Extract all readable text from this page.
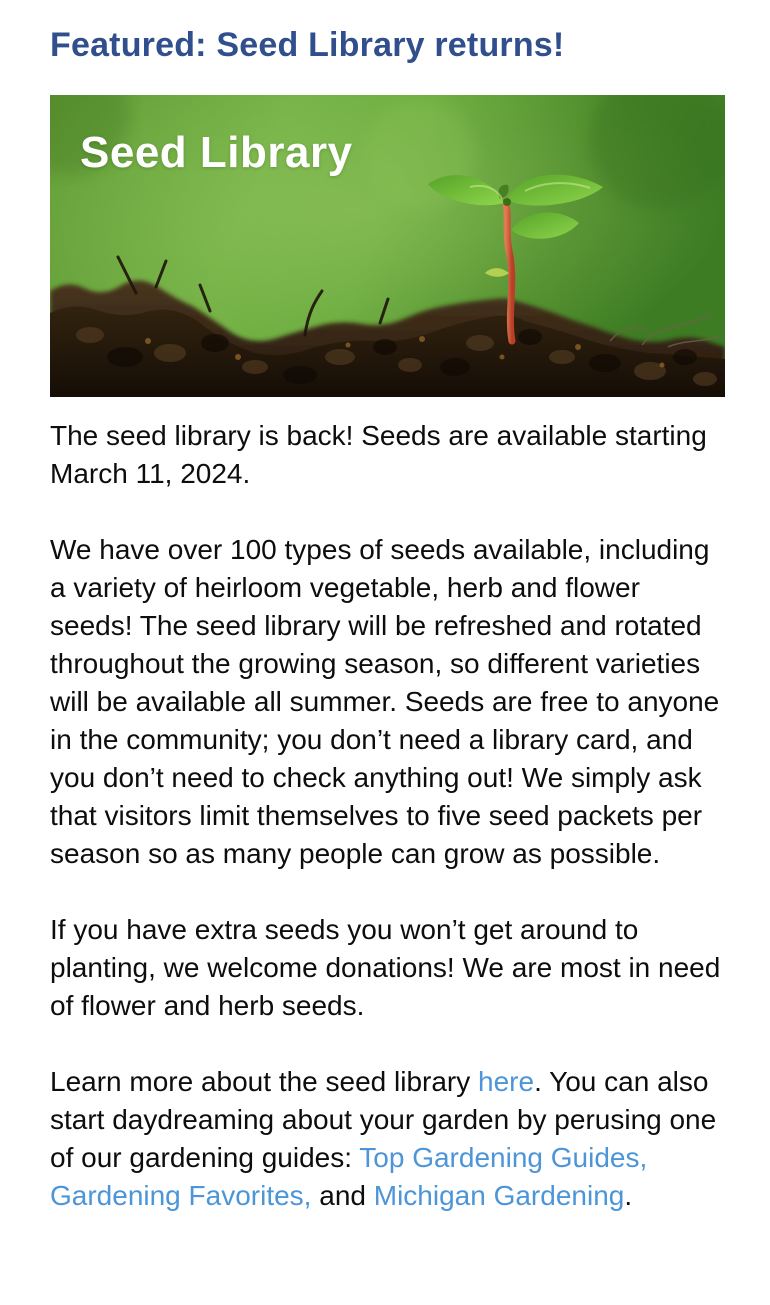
Featured: Seed Library returns!
Seed Library

The seed library is back! Seeds are available starting March 11, 2024.

We have over 100 types of seeds available, including a variety of heirloom vegetable, herb and flower seeds! The seed library will be refreshed and rotated throughout the growing season, so different varieties will be available all summer. Seeds are free to anyone in the community; you don’t need a library card, and you don’t need to check anything out! We simply ask that visitors limit themselves to five seed packets per season so as many people can grow as possible.

If you have extra seeds you won’t get around to planting, we welcome donations! We are most in need of flower and herb seeds.

Learn more about the seed library here. You can also start daydreaming about your garden by perusing one of our gardening guides: Top Gardening Guides, Gardening Favorites, and Michigan Gardening.
